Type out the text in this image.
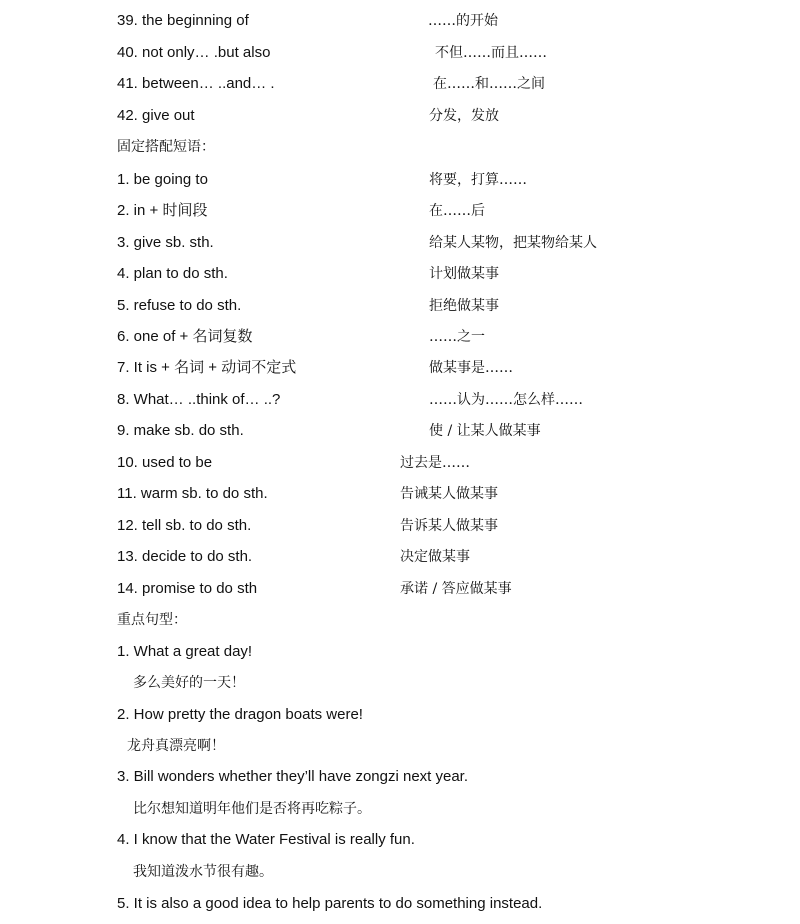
39. the beginning of	……的开始
40. not only… .but also	不但……而且……
41. between… ..and… .	在……和……之间
42. give out	分发，发放
固定搭配短语：
1. be going to	将要，打算……
2. in + 时间段	在……后
3. give sb. sth.	给某人某物，把某物给某人
4. plan to do sth.	计划做某事
5. refuse to do sth.	拒绝做某事
6. one of + 名词复数	……之一
7. It is + 名词 + 动词不定式	做某事是……
8. What… ..think of… ..?	……认为……怎么样……
9. make sb. do sth.	使 / 让某人做某事
10. used to be	过去是……
11. warm sb. to do sth.	告诫某人做某事
12. tell sb. to do sth.	告诉某人做某事
13. decide to do sth.	决定做某事
14. promise to do sth	承诺 / 答应做某事
重点句型：
1. What a great day!
多么美好的一天！
2. How pretty the dragon boats were!
龙舟真漂亮啊！
3. Bill wonders whether they’ll have zongzi next year.
比尔想知道明年他们是否将再吃粽子。
4. I know that the Water Festival is really fun.
我知道泼水节很有趣。
5. It is also a good idea to help parents to do something instead.
